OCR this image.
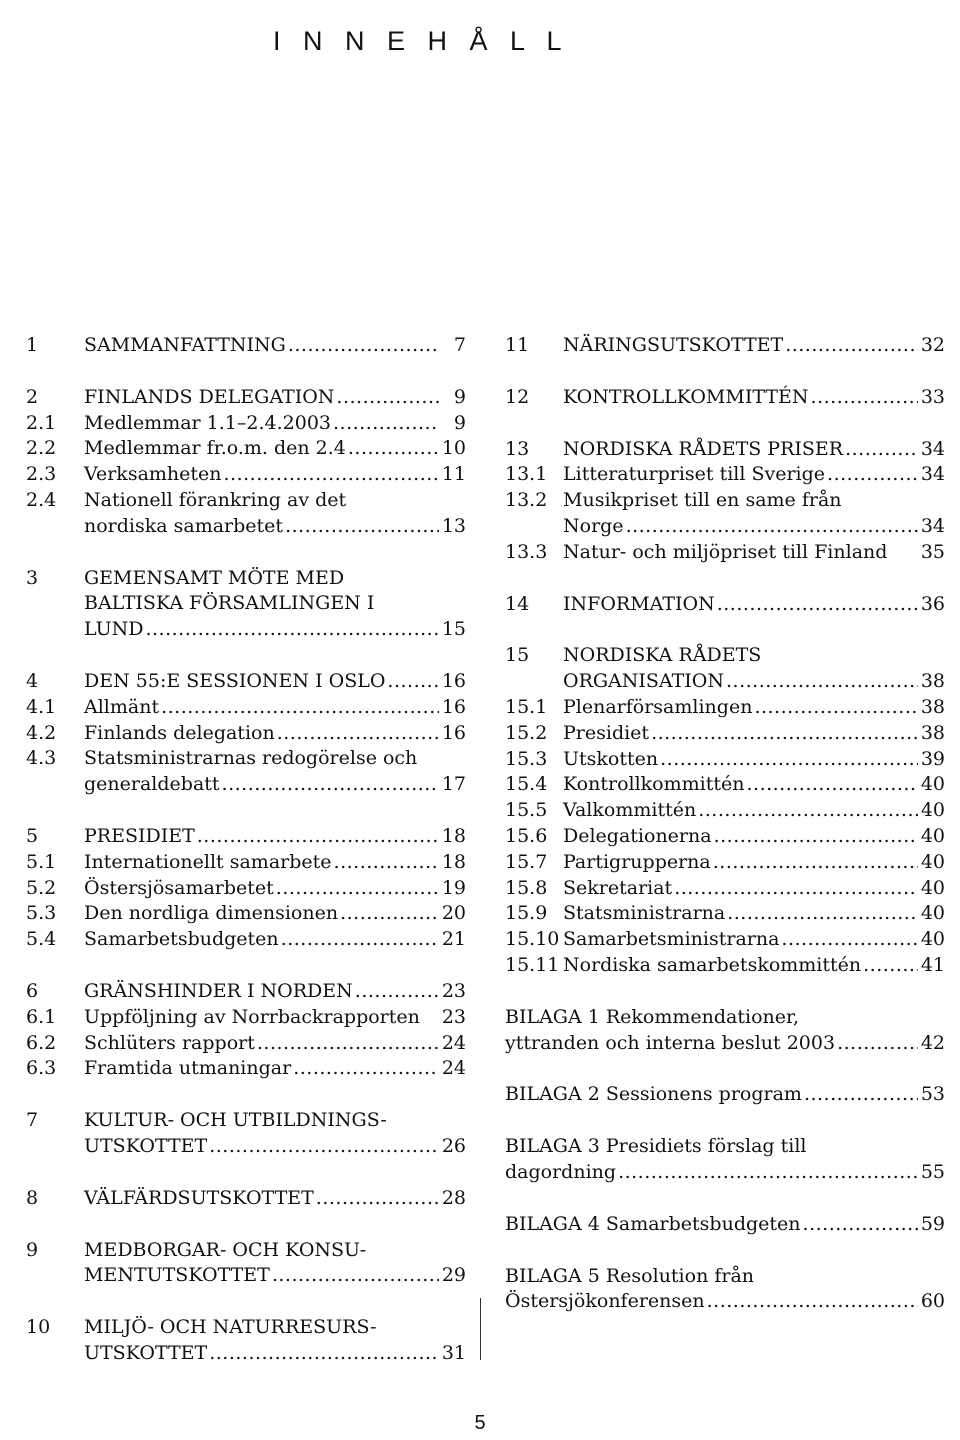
I   N   N   E   H   Å   L   L
1	SAMMANFATTNING .....	7
2	FINLANDS DELEGATION .....	9
2.1	Medlemmar 1.1–2.4.2003 .....	9
2.2	Medlemmar fr.o.m. den 2.4 .....	10
2.3	Verksamheten .....	11
2.4	Nationell förankring av det
nordiska samarbetet .....	13
3	GEMENSAMT MÖTE MED
BALTISKA FÖRSAMLINGEN I
LUND .....	15
4	DEN 55:E SESSIONEN I OSLO .....	16
4.1	Allmänt .....	16
4.2	Finlands delegation .....	16
4.3	Statsministrarnas redogörelse och
generaldebatt .....	17
5	PRESIDIET .....	18
5.1	Internationellt samarbete .....	18
5.2	Östersjösamarbetet .....	19
5.3	Den nordliga dimensionen .....	20
5.4	Samarbetsbudgeten .....	21
6	GRÄNSHINDER I NORDEN .....	23
6.1	Uppföljning av Norrbackrapporten 23
6.2	Schlüters rapport .....	24
6.3	Framtida utmaningar .....	24
7	KULTUR- OCH UTBILDNINGS-
UTSKOTTET .....	26
8	VÄLFÄRDSUTSKOTTET .....	28
9	MEDBORGAR- OCH KONSU-
MENTUTSKOTTET .....	29
10	MILJÖ- OCH NATURRESURS-
UTSKOTTET .....	31
11	NÄRINGSUTSKOTTET .....	32
12	KONTROLLKOMMITTÉN .....	33
13	NORDISKA RÅDETS PRISER .....	34
13.1 Litteraturpriset till Sverige .....	34
13.2 Musikpriset till en same från
Norge .....	34
13.3 Natur- och miljöpriset till Finland 35
14	INFORMATION .....	36
15	NORDISKA RÅDETS
ORGANISATION .....	38
15.1 Plenarförsamlingen .....	38
15.2 Presidiet .....	38
15.3 Utskotten .....	39
15.4 Kontrollkommittén .....	40
15.5 Valkommittén .....	40
15.6 Delegationerna .....	40
15.7 Partigrupperna .....	40
15.8 Sekretariat .....	40
15.9 Statsministrarna .....	40
15.10 Samarbetsministrarna .....	40
15.11 Nordiska samarbetskommittén .....	41
BILAGA 1 Rekommendationer,
yttranden och interna beslut 2003 .....	42
BILAGA 2 Sessionens program .....	53
BILAGA 3 Presidiets förslag till
dagordning .....	55
BILAGA 4 Samarbetsbudgeten .....	59
BILAGA 5 Resolution från
Östersjökonferensen .....	60
5
